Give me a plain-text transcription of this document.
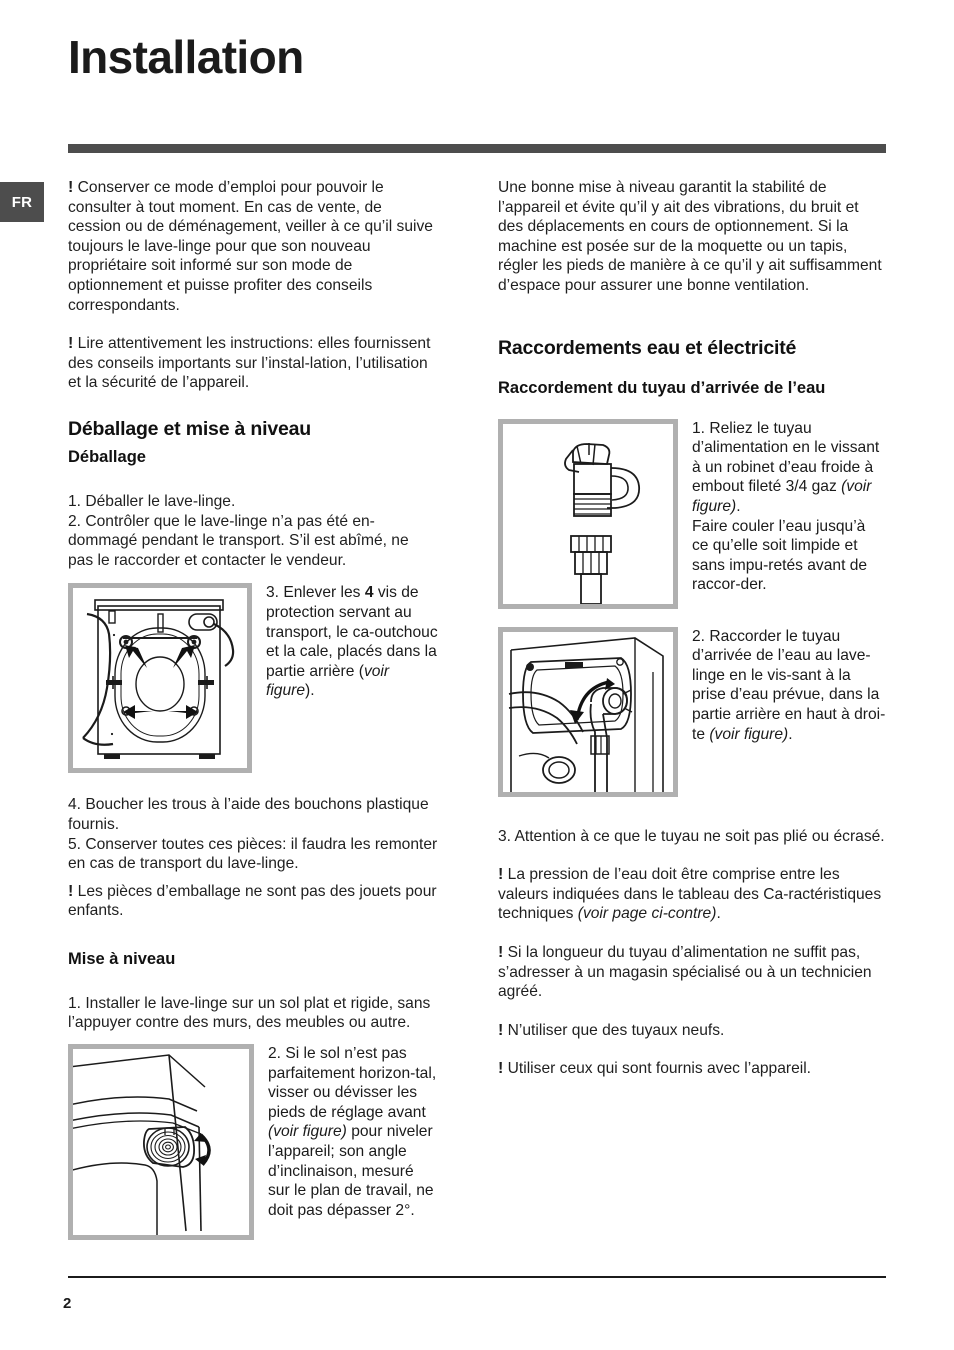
Installation
FR

! Conserver ce mode d’emploi pour pouvoir le consulter à tout moment. En cas de vente, de cession ou de déménagement, veiller à ce qu’il suive toujours le lave-linge pour que son nouveau propriétaire soit informé sur son mode de optionnement et puisse profiter des conseils correspondants.

! Lire attentivement les instructions: elles fournissent des conseils importants sur l’instal-lation, l’utilisation et la sécurité de l’appareil.

Déballage et mise à niveau
Déballage

1. Déballer le lave-linge.

2. Contrôler que le lave-linge n’a pas été en-dommagé pendant le transport. S’il est abîmé, ne pas le raccorder et contacter le vendeur.

3. Enlever les 4 vis de protection servant au transport, le ca-outchouc et la cale, placés dans la partie arrière (voir figure).

4. Boucher les trous à l’aide des bouchons plastique fournis.

5. Conserver toutes ces pièces: il faudra les remonter en cas de transport du lave-linge.

! Les pièces d’emballage ne sont pas des jouets pour enfants.

Mise à niveau

1. Installer le lave-linge sur un sol plat et rigide, sans l’appuyer contre des murs, des meubles ou autre.

2. Si le sol n’est pas parfaitement horizon-tal, visser ou dévisser les pieds de réglage avant (voir figure) pour niveler l’appareil; son angle d’inclinaison, mesuré sur le plan de travail, ne doit pas dépasser 2°.

Une bonne mise à niveau garantit la stabilité de l’appareil et évite qu’il y ait des vibrations, du bruit et des déplacements en cours de optionnement. Si la machine est posée sur de la moquette ou un tapis, régler les pieds de manière à ce qu’il y ait suffisamment d’espace pour assurer une bonne ventilation.

Raccordements eau et électricité
Raccordement du tuyau d’arrivée de l’eau
1. Reliez le tuyau d’alimentation en le vissant à un robinet d’eau froide à embout fileté 3/4 gaz (voir figure).
Faire couler l’eau jusqu’à ce qu’elle soit limpide et sans impu-retés avant de raccor-der.
2. Raccorder le tuyau d’arrivée de l’eau au lave-linge en le vis-sant à la prise d’eau prévue, dans la partie arrière en haut à droi-te (voir figure).

3. Attention à ce que le tuyau ne soit pas plié ou écrasé.

! La pression de l’eau doit être comprise entre les valeurs indiquées dans le tableau des Ca-ractéristiques techniques (voir page ci-contre).

! Si la longueur du tuyau d’alimentation ne suffit pas, s’adresser à un magasin spécialisé ou à un technicien agréé.

! N’utiliser que des tuyaux neufs.

! Utiliser ceux qui sont fournis avec l’appareil.

2
